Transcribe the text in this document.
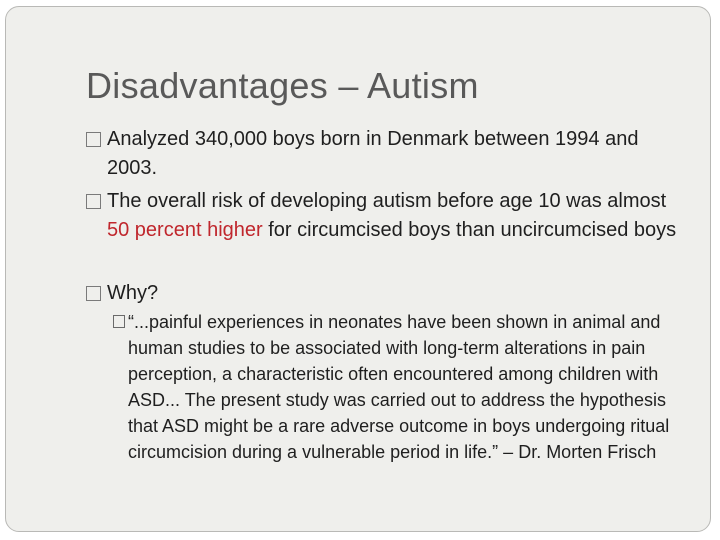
Disadvantages – Autism
Analyzed 340,000 boys born in Denmark between 1994 and 2003.
The overall risk of developing autism before age 10 was almost 50 percent higher for circumcised boys than uncircumcised boys
Why?
“...painful experiences in neonates have been shown in animal and human studies to be associated with long-term alterations in pain perception, a characteristic often encountered among children with ASD... The present study was carried out to address the hypothesis that ASD might be a rare adverse outcome in boys undergoing ritual circumcision during a vulnerable period in life.” – Dr. Morten Frisch
